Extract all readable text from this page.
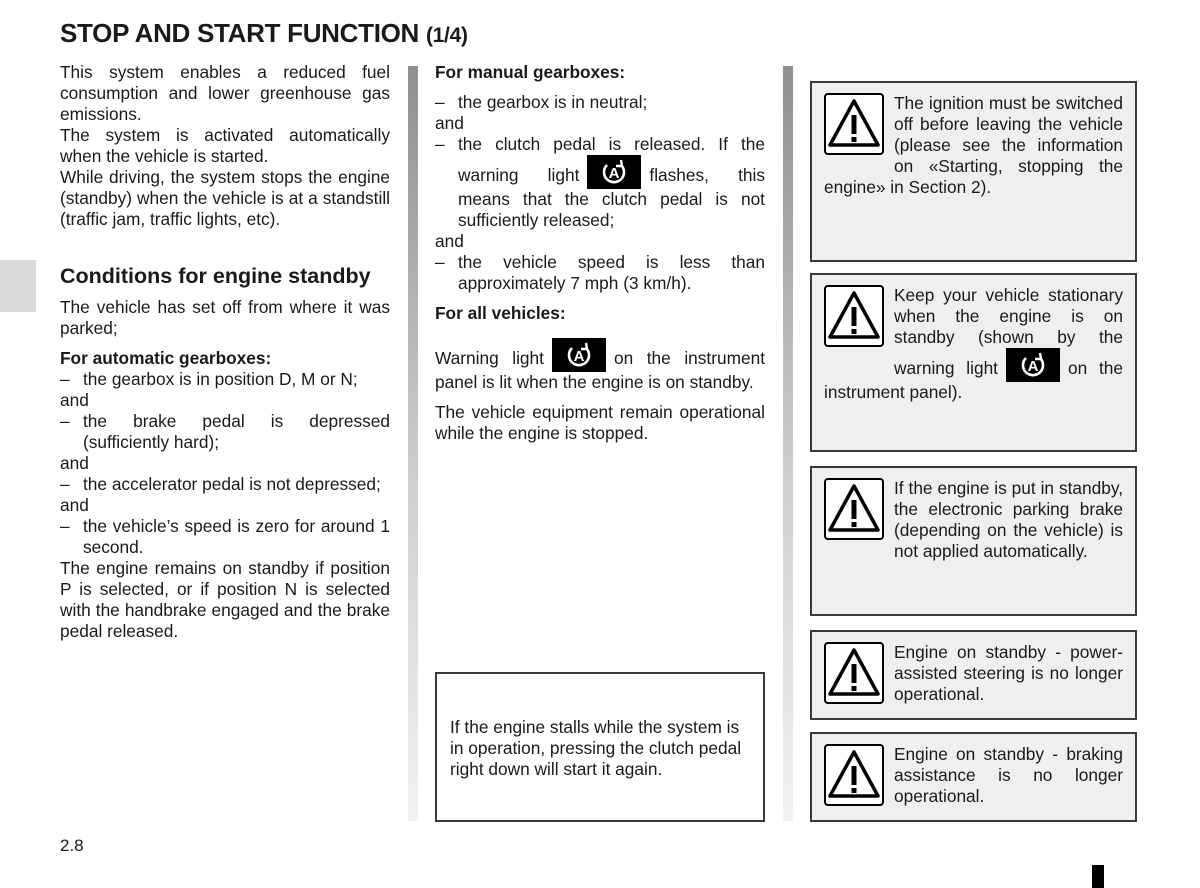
STOP AND START FUNCTION (1/4)

This system enables a reduced fuel consumption and lower greenhouse gas emissions.

The system is activated automatically when the vehicle is started.

While driving, the system stops the engine (standby) when the vehicle is at a standstill (traffic jam, traffic lights, etc).

Conditions for engine standby

The vehicle has set off from where it was parked;

For automatic gearboxes:

– the gearbox is in position D, M or N;

and

– the brake pedal is depressed (sufficiently hard);

and

– the accelerator pedal is not depressed;

and

– the vehicle’s speed is zero for around 1 second.

The engine remains on standby if position P is selected, or if position N is selected with the handbrake engaged and the brake pedal released.

For manual gearboxes:

– the gearbox is in neutral;

and

– the clutch pedal is released. If the warning light A flashes, this means that the clutch pedal is not sufficiently released;

and

– the vehicle speed is less than approximately 7 mph (3 km/h).

For all vehicles:

Warning light A on the instrument panel is lit when the engine is on standby.

The vehicle equipment remain operational while the engine is stopped.

If the engine stalls while the system is in operation, pressing the clutch pedal right down will start it again.
The ignition must be switched off before leaving the vehicle (please see the information on «Starting, stopping the engine» in Section 2).
Keep your vehicle stationary when the engine is on standby (shown by the warning light A on the instrument panel).
If the engine is put in standby, the electronic parking brake (depending on the vehicle) is not applied automatically.
Engine on standby - power-assisted steering is no longer operational.
Engine on standby - braking assistance is no longer operational.
2.8
